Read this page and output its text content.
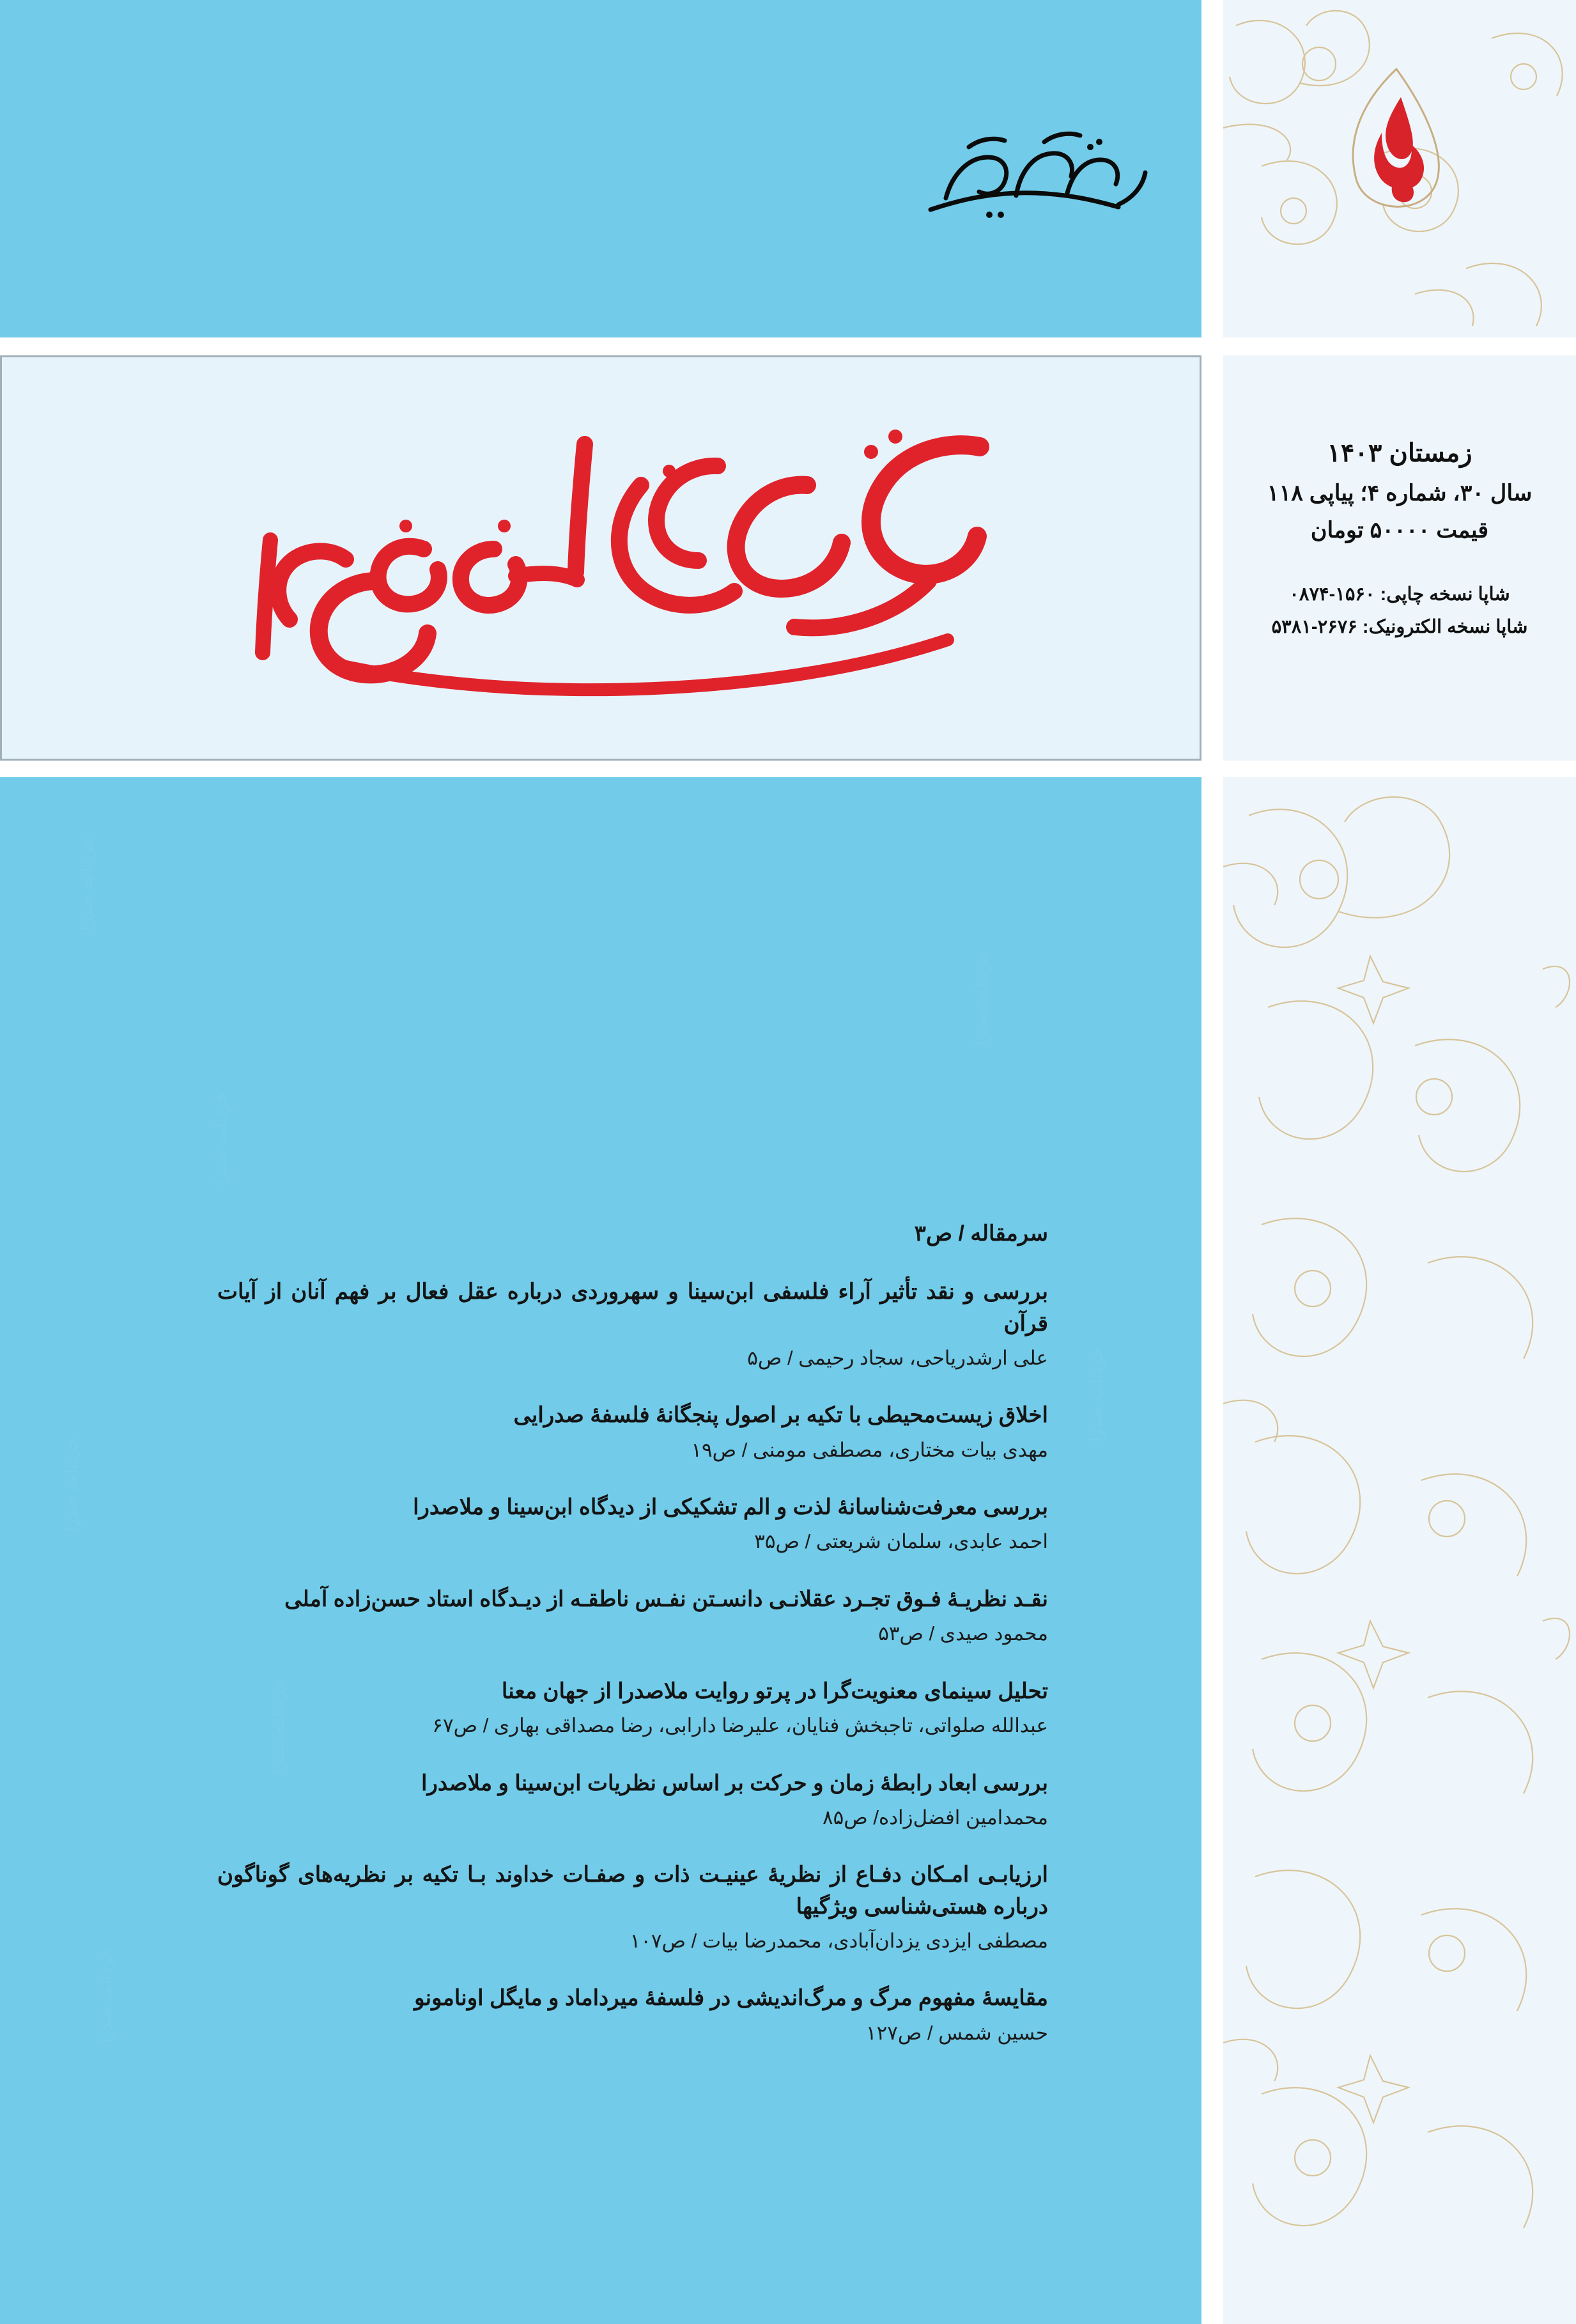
خردنامه صدرا
خردنامه صدرا
خردنامه صدرا
خردنامه صدرا
خردنامه صدرا
خردنامه صدرا
خردنامه صدرا
سرمقاله / ص۳
بررسی و نقد تأثیر آراء فلسفی ابن‌سینا و سهروردی درباره عقل فعال بر فهم آنان از آیات قرآن
علی ارشدریاحی، سجاد رحیمی / ص۵
اخلاق زیست‌محیطی با تکیه بر اصول پنجگانۀ فلسفۀ صدرایی
مهدی بیات مختاری، مصطفی مومنی / ص۱۹
بررسی معرفت‌شناسانۀ لذت و الم تشکیکی از دیدگاه ابن‌سینا و ملاصدرا
احمد عابدی، سلمان شریعتی / ص۳۵
نقـد نظریـۀ فـوق تجـرد عقلانـی دانسـتن نفـس ناطقـه از دیـدگاه استاد حسن‌زاده آملی
محمود صیدی / ص۵۳
تحلیل سینمای معنویت‌گرا در پرتو روایت ملاصدرا از جهان معنا
عبدالله صلواتی، تاجبخش فنایان، علیرضا دارابی، رضا مصداقی بهاری / ص۶۷
بررسی ابعاد رابطۀ زمان و حرکت بر اساس نظریات ابن‌سینا و ملاصدرا
محمدامین افضل‌زاده/ ص۸۵
ارزیابـی امـکان دفـاع از نظریۀ عینیـت ذات و صفـات خداوند بـا تکیه بر نظریه‌های گوناگون درباره هستی‌شناسی ویژگیها
مصطفی ایزدی یزدان‌آبادی، محمدرضا بیات / ص۱۰۷
مقایسۀ مفهوم مرگ و مرگ‌اندیشی در فلسفۀ میرداماد و مایگل اونامونو
حسین شمس / ص۱۲۷
زمستان ۱۴۰۳
سال ۳۰، شماره ۴؛ پیاپی ۱۱۸
قیمت ۵۰۰۰۰ تومان
شاپا نسخه چاپی: ۱۵۶۰-۰۸۷۴
شاپا نسخه الکترونیک: ۲۶۷۶-۵۳۸۱
